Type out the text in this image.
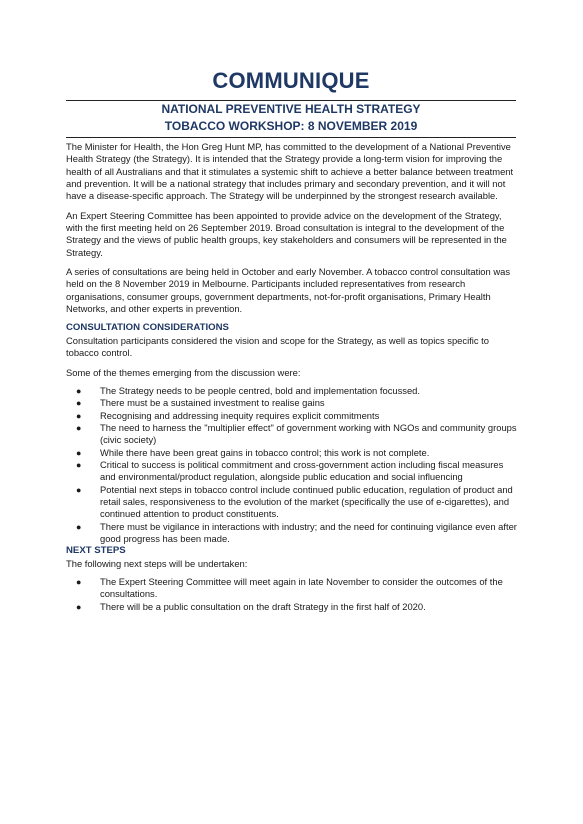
COMMUNIQUE
NATIONAL PREVENTIVE HEALTH STRATEGY
TOBACCO WORKSHOP: 8 NOVEMBER 2019

The Minister for Health, the Hon Greg Hunt MP, has committed to the development of a National Preventive Health Strategy (the Strategy). It is intended that the Strategy provide a long-term vision for improving the health of all Australians and that it stimulates a systemic shift to achieve a better balance between treatment and prevention. It will be a national strategy that includes primary and secondary prevention, and it will not have a disease-specific approach. The Strategy will be underpinned by the strongest research available.

An Expert Steering Committee has been appointed to provide advice on the development of the Strategy, with the first meeting held on 26 September 2019. Broad consultation is integral to the development of the Strategy and the views of public health groups, key stakeholders and consumers will be represented in the Strategy.

A series of consultations are being held in October and early November. A tobacco control consultation was held on the 8 November 2019 in Melbourne. Participants included representatives from research organisations, consumer groups, government departments, not-for-profit organisations, Primary Health Networks, and other experts in prevention.

CONSULTATION CONSIDERATIONS

Consultation participants considered the vision and scope for the Strategy, as well as topics specific to tobacco control.

Some of the themes emerging from the discussion were:

● The Strategy needs to be people centred, bold and implementation focussed.
● There must be a sustained investment to realise gains
● Recognising and addressing inequity requires explicit commitments
● The need to harness the "multiplier effect" of government working with NGOs and community groups (civic society)
● While there have been great gains in tobacco control; this work is not complete.
● Critical to success is political commitment and cross-government action including fiscal measures and environmental/product regulation, alongside public education and social influencing
● Potential next steps in tobacco control include continued public education, regulation of product and retail sales, responsiveness to the evolution of the market (specifically the use of e-cigarettes), and continued attention to product constituents.
● There must be vigilance in interactions with industry; and the need for continuing vigilance even after good progress has been made.

NEXT STEPS

The following next steps will be undertaken:

● The Expert Steering Committee will meet again in late November to consider the outcomes of the consultations.
● There will be a public consultation on the draft Strategy in the first half of 2020.
